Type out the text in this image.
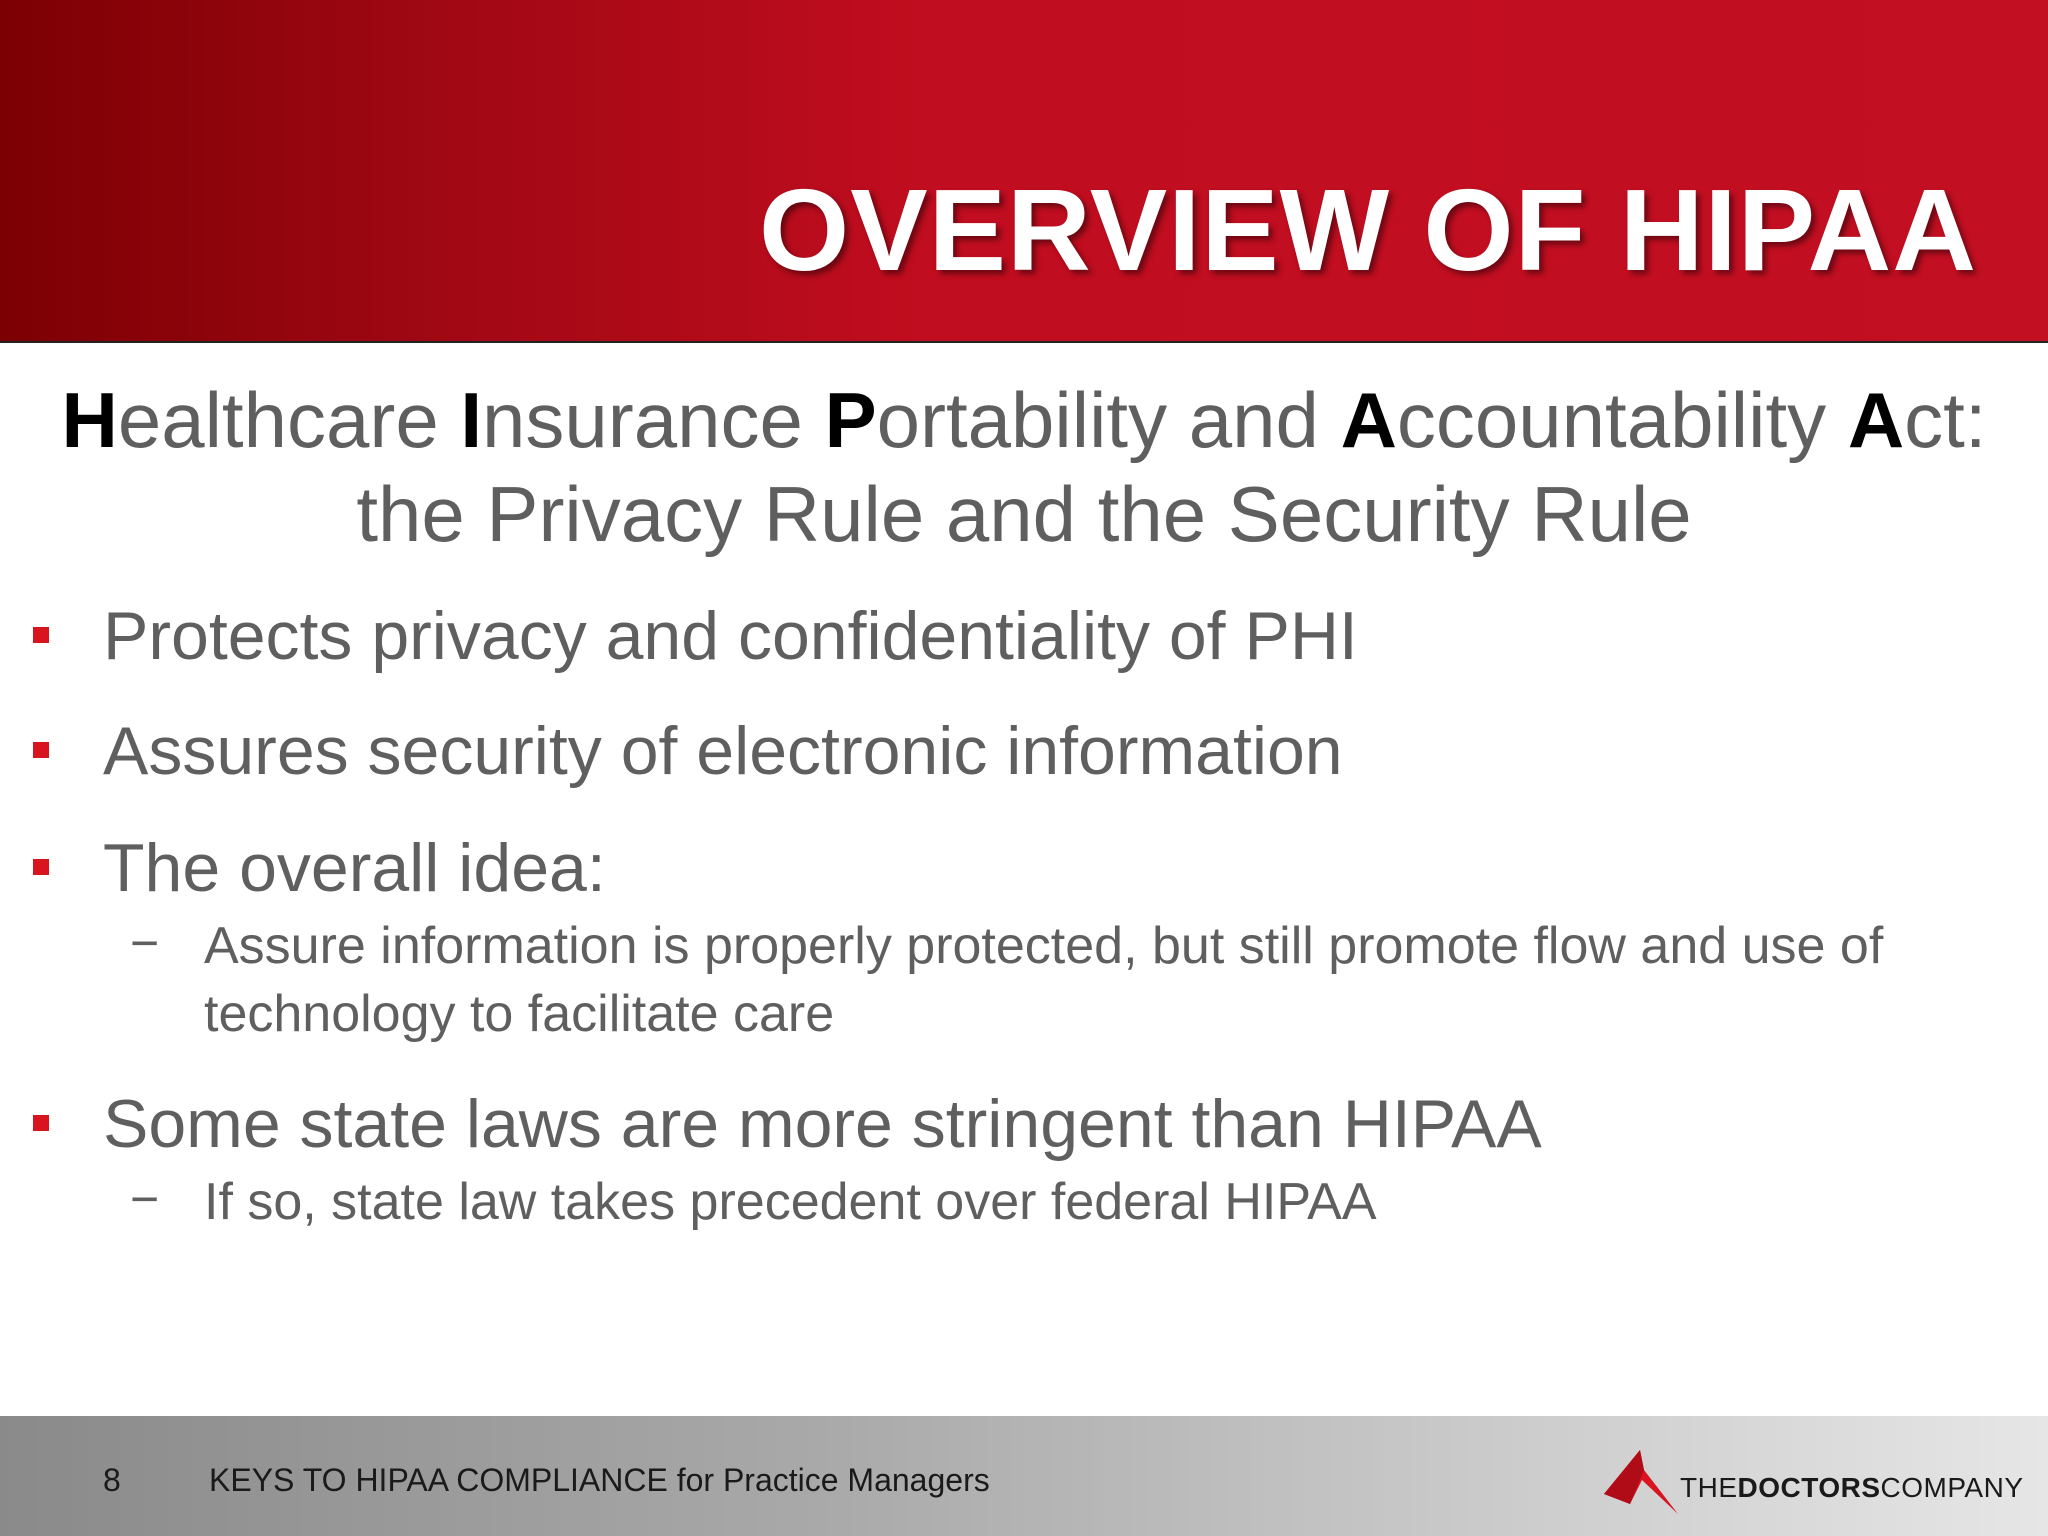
OVERVIEW OF HIPAA
Healthcare Insurance Portability and Accountability Act:
the Privacy Rule and the Security Rule
Protects privacy and confidentiality of PHI
Assures security of electronic information
The overall idea:
− Assure information is properly protected, but still promote flow and use of technology to facilitate care
Some state laws are more stringent than HIPAA
− If so, state law takes precedent over federal HIPAA
8	KEYS TO HIPAA COMPLIANCE for Practice Managers	THEDOCTORSCOMPANY
